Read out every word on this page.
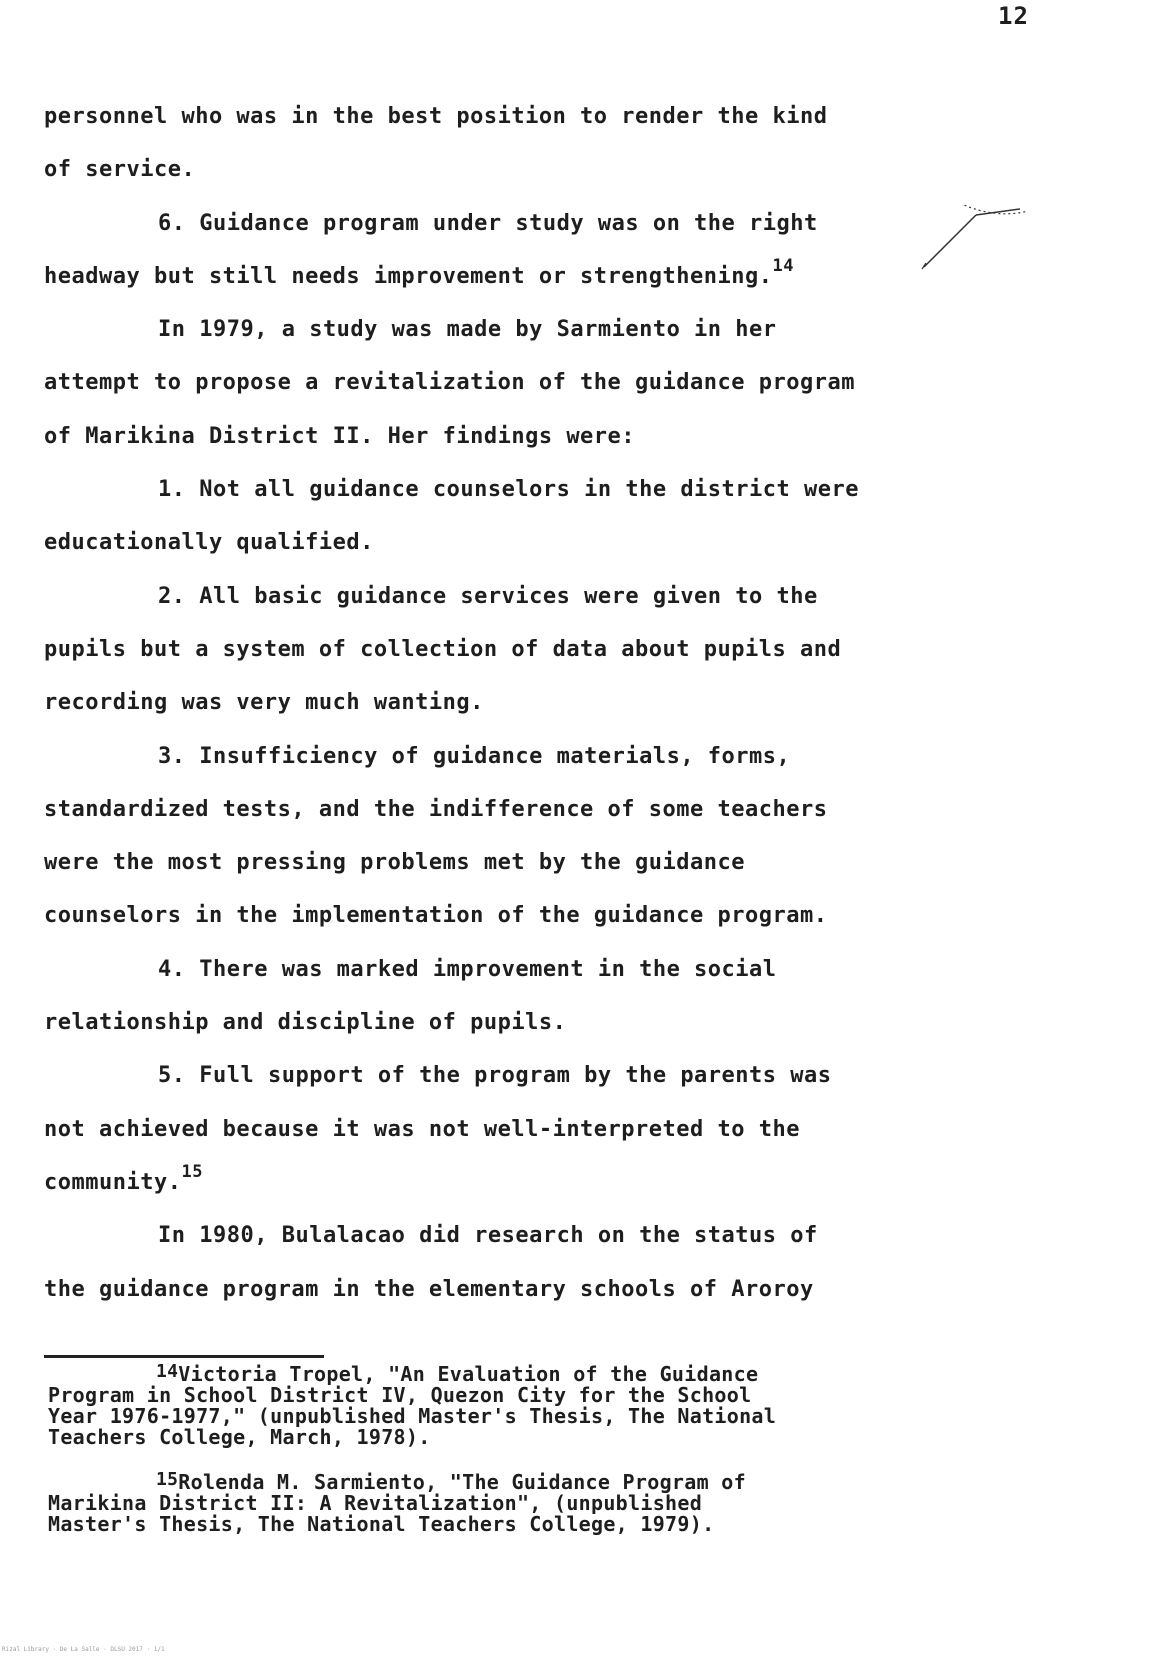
12
personnel who was in the best position to render the kind
of service.
6. Guidance program under study was on the right
headway but still needs improvement or strengthening.$^{14}$
In 1979, a study was made by Sarmiento in her
attempt to propose a revitalization of the guidance program
of Marikina District II. Her findings were:
1. Not all guidance counselors in the district were
educationally qualified.
2. All basic guidance services were given to the
pupils but a system of collection of data about pupils and
recording was very much wanting.
3. Insufficiency of guidance materials, forms,
standardized tests, and the indifference of some teachers
were the most pressing problems met by the guidance
counselors in the implementation of the guidance program.
4. There was marked improvement in the social
relationship and discipline of pupils.
5. Full support of the program by the parents was
not achieved because it was not well-interpreted to the
community.$^{15}$
In 1980, Bulalacao did research on the status of
the guidance program in the elementary schools of Aroroy
$^{14}$Victoria Tropel, "An Evaluation of the Guidance
Program in School District IV, Quezon City for the School
Year 1976-1977," (unpublished Master's Thesis, The National
Teachers College, March, 1978).
$^{15}$Rolenda M. Sarmiento, "The Guidance Program of
Marikina District II: A Revitalization", (unpublished
Master's Thesis, The National Teachers College, 1979).
Rizal Library · De La Salle · DLSU 2017 · 1/1
